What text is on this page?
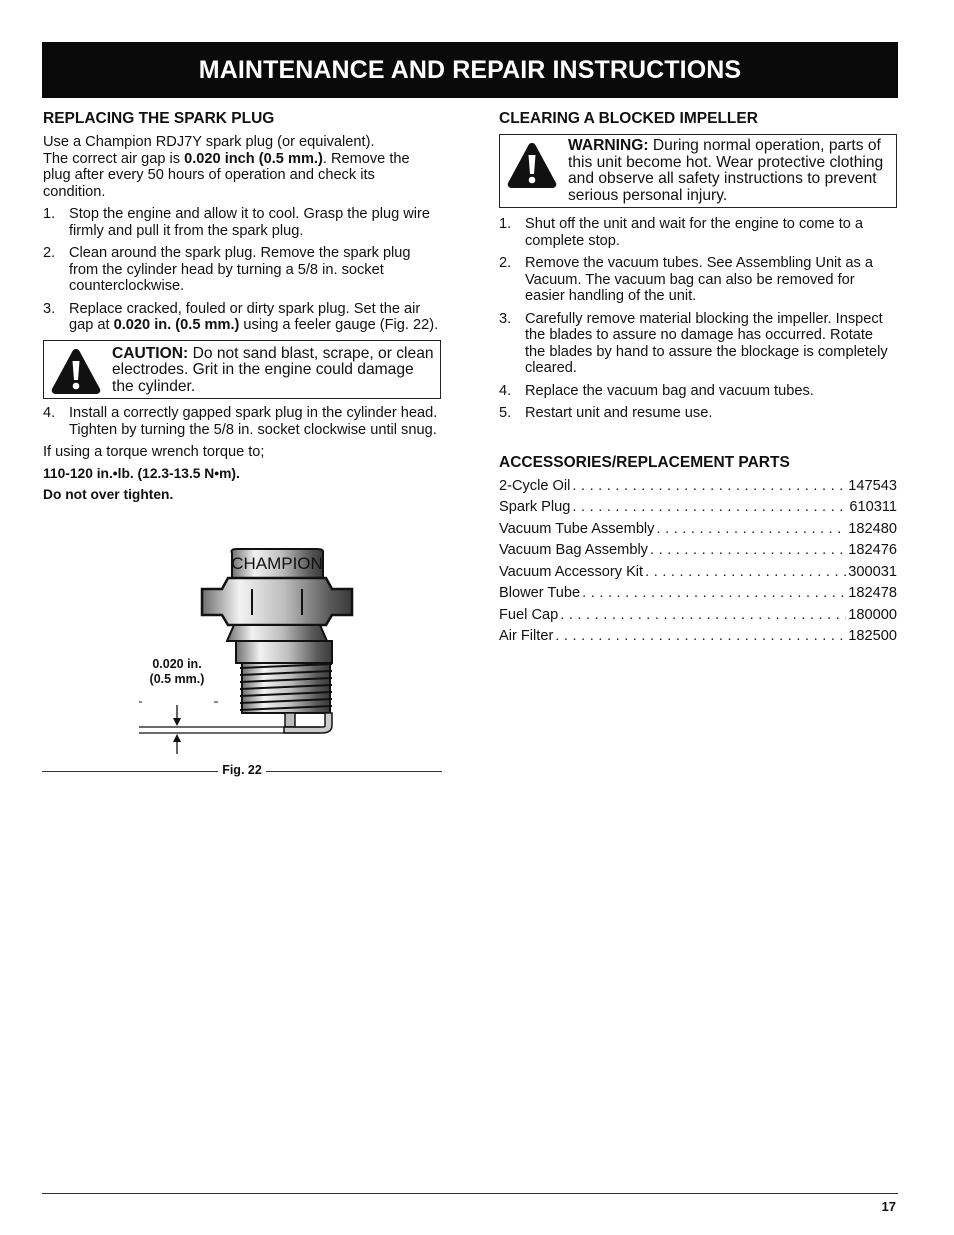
MAINTENANCE AND REPAIR INSTRUCTIONS
REPLACING THE SPARK PLUG

Use a Champion RDJ7Y spark plug (or equivalent).
The correct air gap is 0.020 inch (0.5 mm.). Remove the plug after every 50 hours of operation and check its condition.

1. Stop the engine and allow it to cool. Grasp the plug wire firmly and pull it from the spark plug.
2. Clean around the spark plug. Remove the spark plug from the cylinder head by turning a 5/8 in. socket counterclockwise.
3. Replace cracked, fouled or dirty spark plug. Set the air gap at 0.020 in. (0.5 mm.) using a feeler gauge (Fig. 22).
CAUTION: Do not sand blast, scrape, or clean electrodes. Grit in the engine could damage the cylinder.
4. Install a correctly gapped spark plug in the cylinder head. Tighten by turning the 5/8 in. socket clockwise until snug.

If using a torque wrench torque to;

110-120 in.•lb. (12.3-13.5 N•m).

Do not over tighten.

CHAMPION
0.020 in.
(0.5 mm.)
Fig. 22
CLEARING A BLOCKED IMPELLER
WARNING: During normal operation, parts of this unit become hot. Wear protective clothing and observe all safety instructions to prevent serious personal injury.
1. Shut off the unit and wait for the engine to come to a complete stop.
2. Remove the vacuum tubes. See Assembling Unit as a Vacuum. The vacuum bag can also be removed for easier handling of the unit.
3. Carefully remove material blocking the impeller. Inspect the blades to assure no damage has occurred. Rotate the blades by hand to assure the blockage is completely cleared.
4. Replace the vacuum bag and vacuum tubes.
5. Restart unit and resume use.
ACCESSORIES/REPLACEMENT PARTS
2-Cycle Oil . . .	147543
Spark Plug . . .	610311
Vacuum Tube Assembly . . .	182480
Vacuum Bag Assembly . . .	182476
Vacuum Accessory Kit . . .	300031
Blower Tube . . .	182478
Fuel Cap . . .	180000
Air Filter . . .	182500
17
